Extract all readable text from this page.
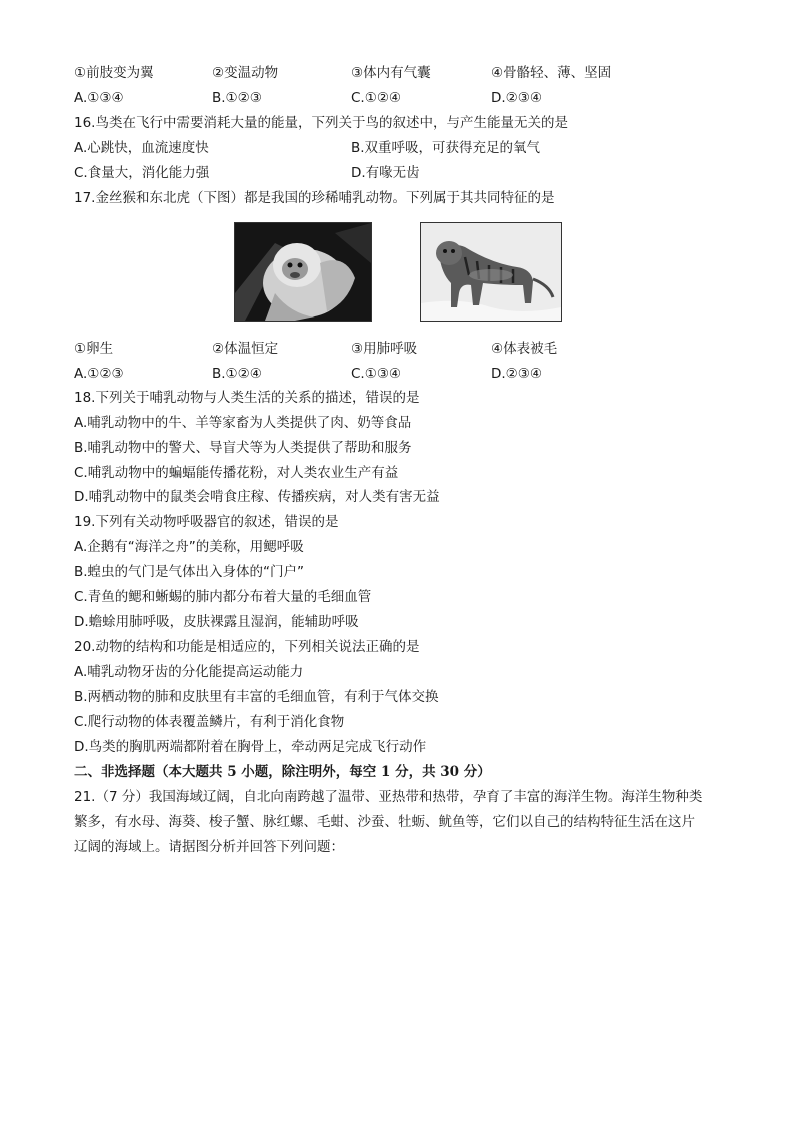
①前肢变为翼	②变温动物	③体内有气囊	④骨骼轻、薄、坚固
A.①③④	B.①②③	C.①②④	D.②③④
16.鸟类在飞行中需要消耗大量的能量，下列关于鸟的叙述中，与产生能量无关的是
A.心跳快，血流速度快	B.双重呼吸，可获得充足的氧气
C.食量大，消化能力强	D.有喙无齿
17.金丝猴和东北虎（下图）都是我国的珍稀哺乳动物。下列属于其共同特征的是
①卵生	②体温恒定	③用肺呼吸	④体表被毛
A.①②③	B.①②④	C.①③④	D.②③④
18.下列关于哺乳动物与人类生活的关系的描述，错误的是
A.哺乳动物中的牛、羊等家畜为人类提供了肉、奶等食品
B.哺乳动物中的警犬、导盲犬等为人类提供了帮助和服务
C.哺乳动物中的蝙蝠能传播花粉，对人类农业生产有益
D.哺乳动物中的鼠类会啃食庄稼、传播疾病，对人类有害无益
19.下列有关动物呼吸器官的叙述，错误的是
A.企鹅有“海洋之舟”的美称，用鳃呼吸
B.蝗虫的气门是气体出入身体的“门户”
C.青鱼的鳃和蜥蜴的肺内都分布着大量的毛细血管
D.蟾蜍用肺呼吸，皮肤裸露且湿润，能辅助呼吸
20.动物的结构和功能是相适应的，下列相关说法正确的是
A.哺乳动物牙齿的分化能提高运动能力
B.两栖动物的肺和皮肤里有丰富的毛细血管，有利于气体交换
C.爬行动物的体表覆盖鳞片，有利于消化食物
D.鸟类的胸肌两端都附着在胸骨上，牵动两足完成飞行动作
二、非选择题（本大题共 5 小题，除注明外，每空 1 分，共 30 分）
21.（7 分）我国海域辽阔，自北向南跨越了温带、亚热带和热带，孕育了丰富的海洋生物。海洋生物种类
繁多，有水母、海葵、梭子蟹、脉红螺、毛蚶、沙蚕、牡蛎、鱿鱼等，它们以自己的结构特征生活在这片
辽阔的海域上。请据图分析并回答下列问题：
